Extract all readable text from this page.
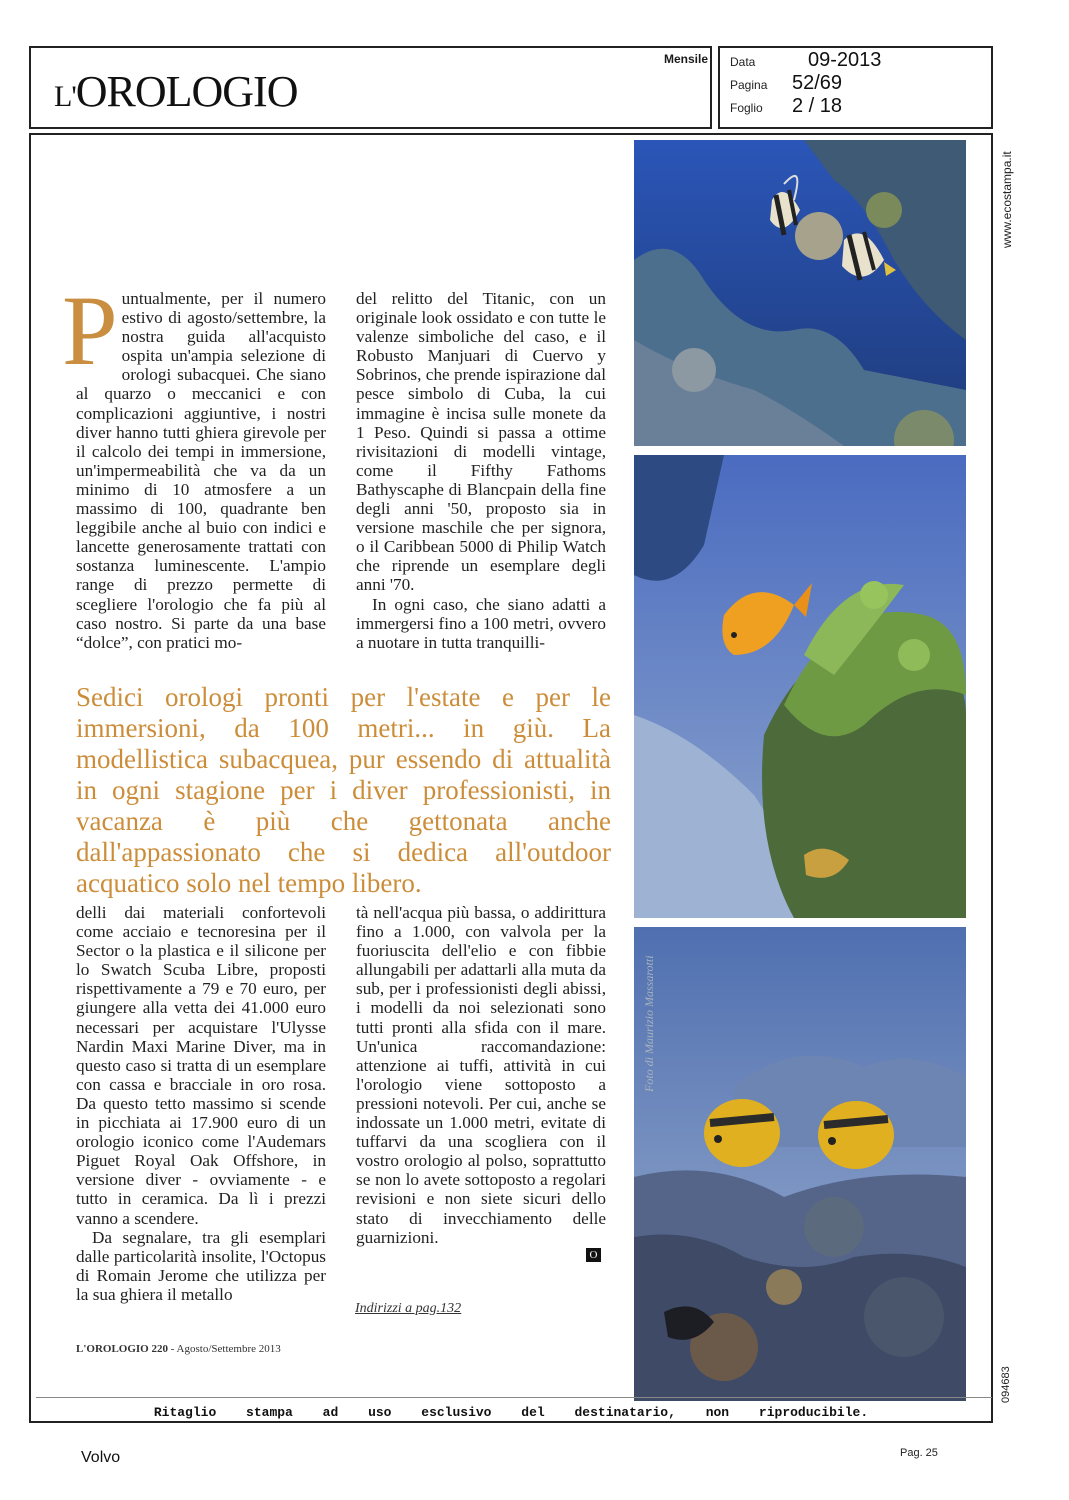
L'OROLOGIO
Mensile Data	09-2013
Pagina 52/69
Foglio 2 / 18
www.ecostampa.it
P untualmente, per il numero estivo di agosto/settembre, la nostra guida all'acquisto ospita un'ampia selezione di orologi subacquei. Che siano al quarzo o meccanici e con complicazioni aggiuntive, i nostri diver hanno tutti ghiera girevole per il calcolo dei tempi in immersione, un'impermeabilità che va da un minimo di 10 atmosfere a un massimo di 100, quadrante ben leggibile anche al buio con indici e lancette generosamente trattati con sostanza luminescente. L'ampio range di prezzo permette di scegliere l'orologio che fa più al caso nostro. Si parte da una base “dolce”, con pratici mo-

del relitto del Titanic, con un originale look ossidato e con tutte le valenze simboliche del caso, e il Robusto Manjuari di Cuervo y Sobrinos, che prende ispirazione dal pesce simbolo di Cuba, la cui immagine è incisa sulle monete da 1 Peso. Quindi si passa a ottime rivisitazioni di modelli vintage, come il Fifthy Fathoms Bathyscaphe di Blancpain della fine degli anni '50, proposto sia in versione maschile che per signora, o il Caribbean 5000 di Philip Watch che riprende un esemplare degli anni '70.

In ogni caso, che siano adatti a immergersi fino a 100 metri, ovvero a nuotare in tutta tranquilli-

Sedici orologi pronti per l'estate e per le immersioni, da 100 metri... in giù. La modellistica subacquea, pur essendo di attualità in ogni stagione per i diver professionisti, in vacanza è più che gettonata anche dall'appassionato che si dedica all'outdoor acquatico solo nel tempo libero.

delli dai materiali confortevoli come acciaio e tecnoresina per il Sector o la plastica e il silicone per lo Swatch Scuba Libre, proposti rispettivamente a 79 e 70 euro, per giungere alla vetta dei 41.000 euro necessari per acquistare l'Ulysse Nardin Maxi Marine Diver, ma in questo caso si tratta di un esemplare con cassa e bracciale in oro rosa. Da questo tetto massimo si scende in picchiata ai 17.900 euro di un orologio iconico come l'Audemars Piguet Royal Oak Offshore, in versione diver - ovviamente - e tutto in ceramica. Da lì i prezzi vanno a scendere.

Da segnalare, tra gli esemplari dalle particolarità insolite, l'Octopus di Romain Jerome che utilizza per la sua ghiera il metallo

tà nell'acqua più bassa, o addirittura fino a 1.000, con valvola per la fuoriuscita dell'elio e con fibbie allungabili per adattarli alla muta da sub, per i professionisti degli abissi, i modelli da noi selezionati sono tutti pronti alla sfida con il mare. Un'unica raccomandazione: attenzione ai tuffi, attività in cui l'orologio viene sottoposto a pressioni notevoli. Per cui, anche se indossate un 1.000 metri, evitate di tuffarvi da una scogliera con il vostro orologio al polso, soprattutto se non lo avete sottoposto a regolari revisioni e non siete sicuri dello stato di invecchiamento delle guarnizioni.

O
Indirizzi a pag.132
L'OROLOGIO 220 - Agosto/Settembre 2013
Foto di Maurizio Massarotti
094683
Ritaglio stampa ad uso esclusivo del destinatario, non riproducibile.
Volvo	Pag. 25
